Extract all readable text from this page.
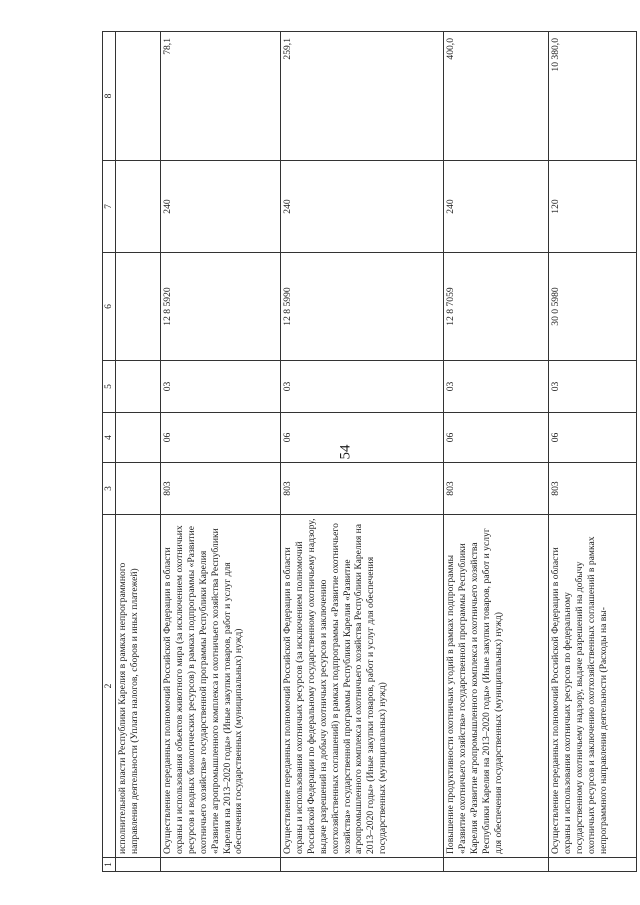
54
1	2	3	4	5	6	7	8
	исполнительной власти Республики Карелия в рамках непрограммного направления деятельности (Уплата налогов, сборов и иных платежей)						
	Осуществление переданных полномочий Российской Федерации в области охраны и использования объектов животного мира (за исключением охотничьих ресурсов и водных биологических ресурсов) в рамках подпрограммы «Развитие охотничьего хозяйства» государственной программы Республики Карелия «Развитие агропромышленного комплекса и охотничьего хозяйства Республики Карелия на 2013–2020 годы» (Иные закупки товаров, работ и услуг для обеспечения государственных (муниципальных) нужд)	803	06	03	12 8 5920	240	78,1
	Осуществление переданных полномочий Российской Федерации в области охраны и использования охотничьих ресурсов (за исключением полномочий Российской Федерации по федеральному государственному охотничьему надзору, выдаче разрешений на добычу охотничьих ресурсов и заключению охотхозяйственных соглашений) в рамках подпрограммы «Развитие охотничьего хозяйства» государственной программы Республики Карелия «Развитие агропромышленного комплекса и охотничьего хозяйства Республики Карелия на 2013–2020 годы» (Иные закупки товаров, работ и услуг для обеспечения государственных (муниципальных) нужд)	803	06	03	12 8 5990	240	259,1
	Повышение продуктивности охотничьих угодий в рамках подпрограммы «Развитие охотничьего хозяйства» государственной программы Республики Карелия «Развитие агропромышленного комплекса и охотничьего хозяйства Республики Карелия на 2013–2020 годы» (Иные закупки товаров, работ и услуг для обеспечения государственных (муниципальных) нужд)	803	06	03	12 8 7059	240	400,0
	Осуществление переданных полномочий Российской Федерации в области охраны и использования охотничьих ресурсов по федеральному государственному охотничьему надзору, выдаче разрешений на добычу охотничьих ресурсов и заключению охотхозяйственных соглашений в рамках непрограммного направления деятельности (Расходы на вы-	803	06	03	30 0 5980	120	10 380,0
